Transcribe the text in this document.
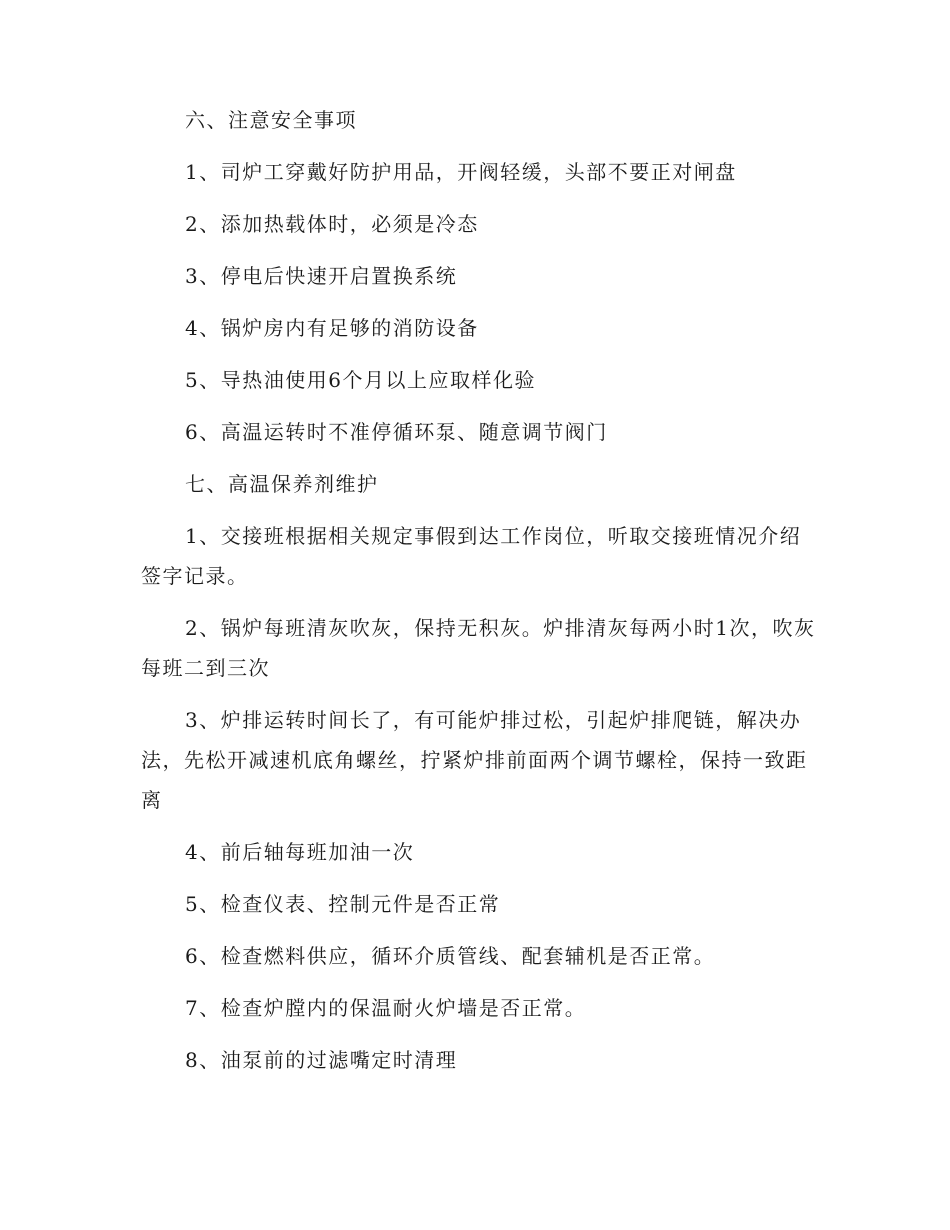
六、注意安全事项

1、司炉工穿戴好防护用品，开阀轻缓，头部不要正对闸盘

2、添加热载体时，必须是冷态

3、停电后快速开启置换系统

4、锅炉房内有足够的消防设备

5、导热油使用6个月以上应取样化验

6、高温运转时不准停循环泵、随意调节阀门

七、高温保养剂维护

1、交接班根据相关规定事假到达工作岗位，听取交接班情况介绍签字记录。

2、锅炉每班清灰吹灰，保持无积灰。炉排清灰每两小时1次，吹灰每班二到三次

3、炉排运转时间长了，有可能炉排过松，引起炉排爬链，解决办法，先松开减速机底角螺丝，拧紧炉排前面两个调节螺栓，保持一致距离

4、前后轴每班加油一次

5、检查仪表、控制元件是否正常

6、检查燃料供应，循环介质管线、配套辅机是否正常。

7、检查炉膛内的保温耐火炉墙是否正常。

8、油泵前的过滤嘴定时清理
